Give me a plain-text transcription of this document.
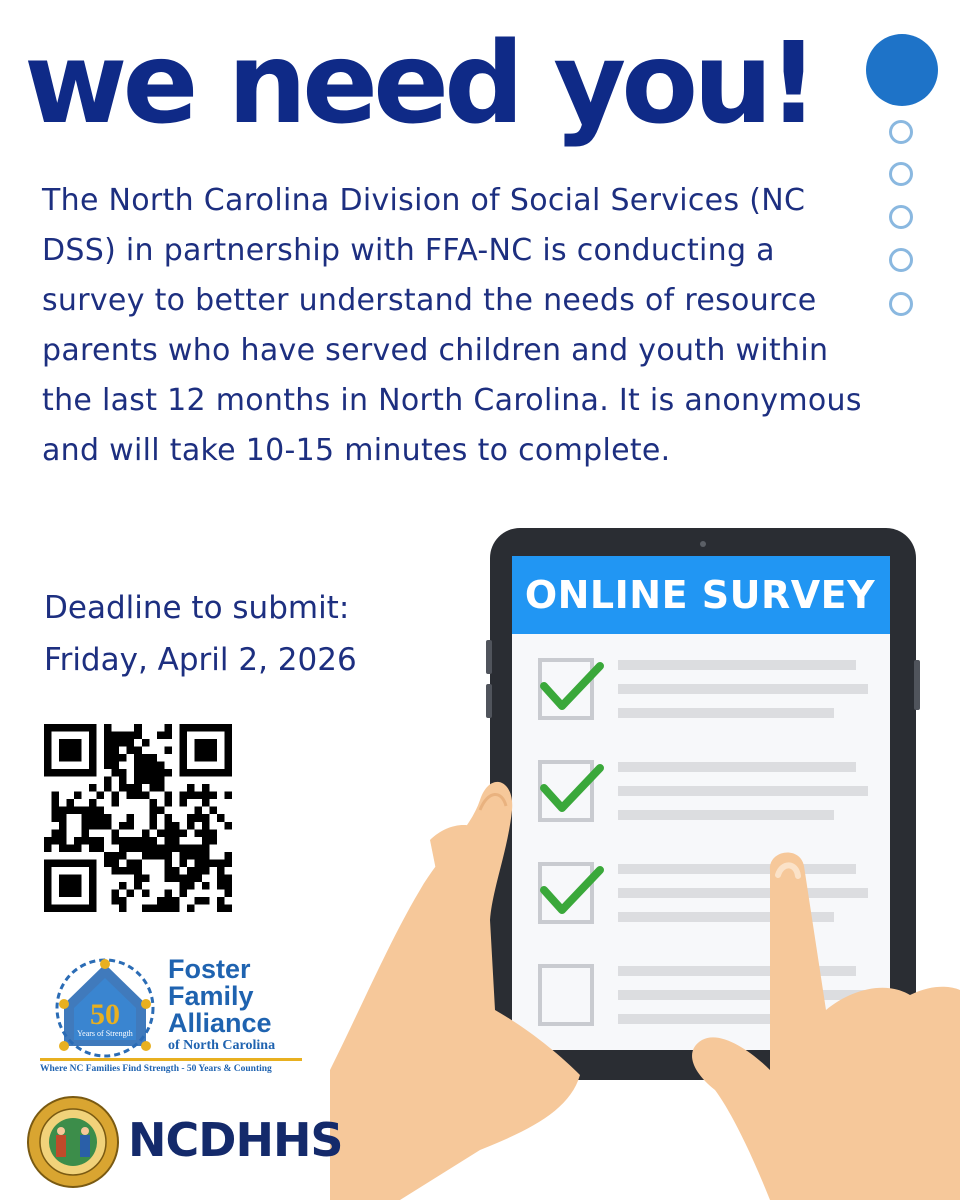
we need you!

The North Carolina Division of Social Services (NC DSS) in partnership with FFA-NC is conducting a survey to better understand the needs of resource parents who have served children and youth within the last 12 months in North Carolina. It is anonymous and will take 10-15 minutes to complete.

Deadline to submit:
Friday, April 2, 2026
ONLINE SURVEY
50
Years of Strength
Foster
Family
Alliance
of North Carolina
Where NC Families Find Strength - 50 Years & Counting
NCDHHS
